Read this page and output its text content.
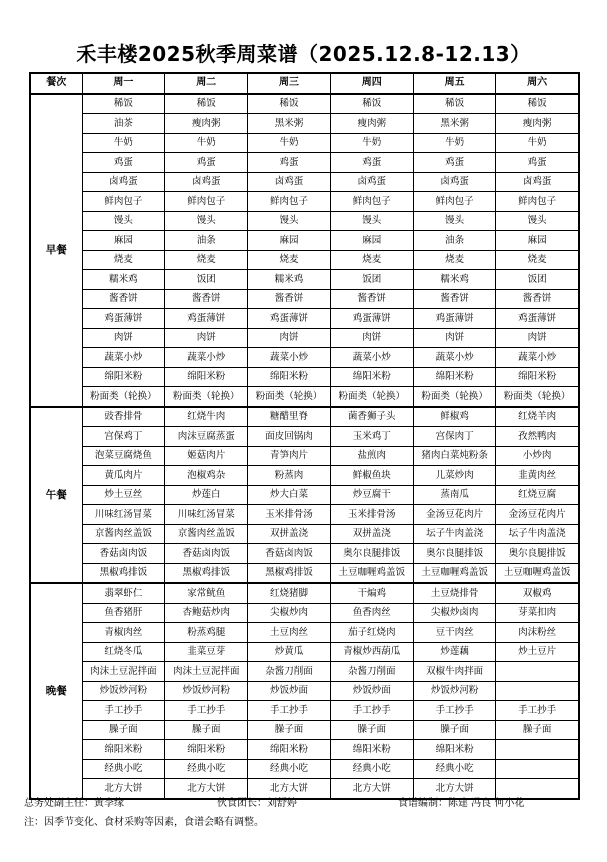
禾丰楼2025秋季周菜谱（2025.12.8-12.13）
餐次	周一	周二	周三	周四	周五	周六
早餐	稀饭	稀饭	稀饭	稀饭	稀饭	稀饭
	油茶	瘦肉粥	黑米粥	瘦肉粥	黑米粥	瘦肉粥
	牛奶	牛奶	牛奶	牛奶	牛奶	牛奶
	鸡蛋	鸡蛋	鸡蛋	鸡蛋	鸡蛋	鸡蛋
	卤鸡蛋	卤鸡蛋	卤鸡蛋	卤鸡蛋	卤鸡蛋	卤鸡蛋
	鲜肉包子	鲜肉包子	鲜肉包子	鲜肉包子	鲜肉包子	鲜肉包子
	馒头	馒头	馒头	馒头	馒头	馒头
	麻园	油条	麻园	麻园	油条	麻园
	烧麦	烧麦	烧麦	烧麦	烧麦	烧麦
	糯米鸡	饭团	糯米鸡	饭团	糯米鸡	饭团
	酱香饼	酱香饼	酱香饼	酱香饼	酱香饼	酱香饼
	鸡蛋薄饼	鸡蛋薄饼	鸡蛋薄饼	鸡蛋薄饼	鸡蛋薄饼	鸡蛋薄饼
	肉饼	肉饼	肉饼	肉饼	肉饼	肉饼
	蔬菜小炒	蔬菜小炒	蔬菜小炒	蔬菜小炒	蔬菜小炒	蔬菜小炒
	绵阳米粉	绵阳米粉	绵阳米粉	绵阳米粉	绵阳米粉	绵阳米粉
	粉面类（轮换）	粉面类（轮换）	粉面类（轮换）	粉面类（轮换）	粉面类（轮换）	粉面类（轮换）
午餐	豉香排骨	红烧牛肉	糖醋里脊	菌香狮子头	鲜椒鸡	红烧羊肉
	宫保鸡丁	肉沫豆腐蒸蛋	面皮回锅肉	玉米鸡丁	宫保肉丁	孜然鸭肉
	泡菜豆腐烧鱼	姬菇肉片	青笋肉片	盐煎肉	猪肉白菜炖粉条	小炒肉
	黄瓜肉片	泡椒鸡杂	粉蒸肉	鲜椒鱼块	儿菜炒肉	韭黄肉丝
	炒土豆丝	炒莲白	炒大白菜	炒豆腐干	蒸南瓜	红烧豆腐
	川味红汤冒菜	川味红汤冒菜	玉米排骨汤	玉米排骨汤	金汤豆花肉片	金汤豆花肉片
	京酱肉丝盖饭	京酱肉丝盖饭	双拼盖浇	双拼盖浇	坛子牛肉盖浇	坛子牛肉盖浇
	香菇卤肉饭	香菇卤肉饭	香菇卤肉饭	奥尔良腿排饭	奥尔良腿排饭	奥尔良腿排饭
	黑椒鸡排饭	黑椒鸡排饭	黑椒鸡排饭	土豆咖喱鸡盖饭	土豆咖喱鸡盖饭	土豆咖喱鸡盖饭
晚餐	翡翠虾仁	家常鱿鱼	红烧猪脚	干煸鸡	土豆烧排骨	双椒鸡
	鱼香猪肝	杏鲍菇炒肉	尖椒炒肉	鱼香肉丝	尖椒炒卤肉	芽菜扣肉
	青椒肉丝	粉蒸鸡腿	土豆肉丝	茄子红烧肉	豆干肉丝	肉沫粉丝
	红烧冬瓜	韭菜豆芽	炒黄瓜	青椒炒西葫瓜	炒莲藕	炒土豆片
	肉沫土豆泥拌面	肉沫土豆泥拌面	杂酱刀削面	杂酱刀削面	双椒牛肉拌面	
	炒饭炒河粉	炒饭炒河粉	炒饭炒面	炒饭炒面	炒饭炒河粉	
	手工抄手	手工抄手	手工抄手	手工抄手	手工抄手	手工抄手
	臊子面	臊子面	臊子面	臊子面	臊子面	臊子面
	绵阳米粉	绵阳米粉	绵阳米粉	绵阳米粉	绵阳米粉	
	经典小吃	经典小吃	经典小吃	经典小吃	经典小吃	
	北方大饼	北方大饼	北方大饼	北方大饼	北方大饼	
总务处副主任：黄李缘	伙食团长：刘舒婷	食谱编制：陈建 冯良 何小花
注：因季节变化、食材采购等因素，食谱会略有调整。
